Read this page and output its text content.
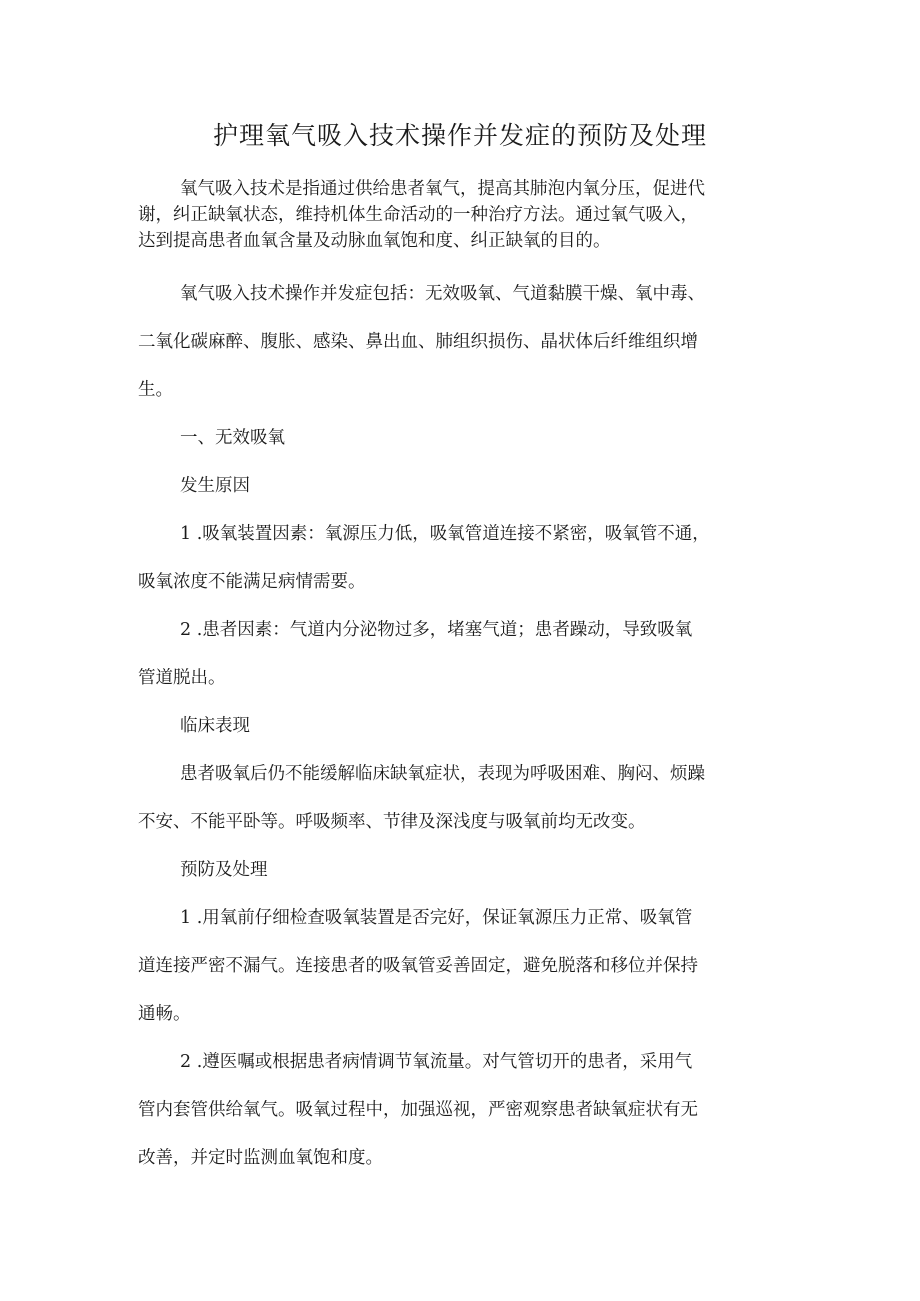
护理氧气吸入技术操作并发症的预防及处理

氧气吸入技术是指通过供给患者氧气，提高其肺泡内氧分压，促进代

谢，纠正缺氧状态，维持机体生命活动的一种治疗方法。通过氧气吸入，

达到提高患者血氧含量及动脉血氧饱和度、纠正缺氧的目的。

氧气吸入技术操作并发症包括：无效吸氧、气道黏膜干燥、氧中毒、

二氧化碳麻醉、腹胀、感染、鼻出血、肺组织损伤、晶状体后纤维组织增

生。

一、无效吸氧

发生原因

1 .吸氧装置因素：氧源压力低，吸氧管道连接不紧密，吸氧管不通，

吸氧浓度不能满足病情需要。

2 .患者因素：气道内分泌物过多，堵塞气道；患者躁动，导致吸氧

管道脱出。

临床表现

患者吸氧后仍不能缓解临床缺氧症状，表现为呼吸困难、胸闷、烦躁

不安、不能平卧等。呼吸频率、节律及深浅度与吸氧前均无改变。

预防及处理

1 .用氧前仔细检查吸氧装置是否完好，保证氧源压力正常、吸氧管

道连接严密不漏气。连接患者的吸氧管妥善固定，避免脱落和移位并保持

通畅。

2 .遵医嘱或根据患者病情调节氧流量。对气管切开的患者，采用气

管内套管供给氧气。吸氧过程中，加强巡视，严密观察患者缺氧症状有无

改善，并定时监测血氧饱和度。
